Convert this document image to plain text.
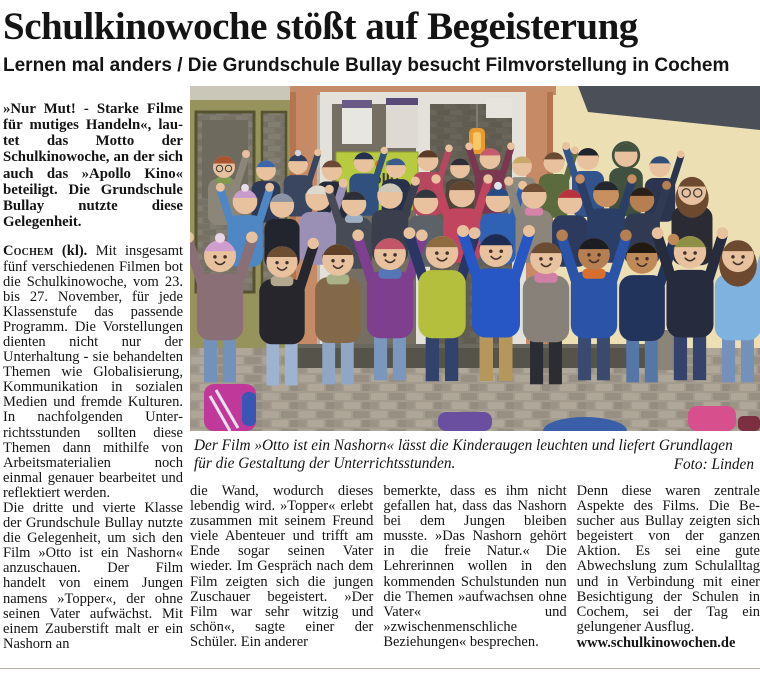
Schulkinowoche stößt auf Begeisterung
Lernen mal anders / Die Grundschule Bullay besucht Filmvorstellung in Cochem

»Nur Mut! - Starke Filme für mutiges Handeln«, lautet das Motto der Schulkinowoche, an der sich auch das »Apollo Kino« beteiligt. Die Grundschule Bullay nutzte diese Gelegenheit.

Cochem (kl). Mit insgesamt fünf verschiedenen Filmen bot die Schulkinowoche, vom 23. bis 27. November, für jede Klassenstufe das passende Programm. Die Vorstellungen dienten nicht nur der Unterhaltung - sie behandelten Themen wie Globalisierung, Kommunikation in sozialen Medien und fremde Kulturen. In nachfolgenden Unterrichtsstunden sollten diese Themen dann mithilfe von Arbeitsmaterialien noch einmal genauer bearbeitet und reflektiert werden.

Die dritte und vierte Klasse der Grundschule Bullay nutzte die Gelegenheit, um sich den Film »Otto ist ein Nashorn« anzuschauen. Der Film handelt von einem Jungen namens »Topper«, der ohne seinen Vater aufwächst. Mit einem Zauberstift malt er ein Nashorn an

Der Film »Otto ist ein Nashorn« lässt die Kinderaugen leuchten und liefert Grundlagen für die Gestaltung der Unterrichtsstunden.	Foto: Linden

die Wand, wodurch dieses lebendig wird. »Topper« erlebt zusammen mit seinem Freund viele Abenteuer und trifft am Ende sogar seinen Vater wieder. Im Gespräch nach dem Film zeigten sich die jungen Zuschauer begeistert. »Der Film war sehr witzig und schön«, sagte einer der Schüler. Ein anderer

bemerkte, dass es ihm nicht gefallen hat, dass das Nashorn bei dem Jungen bleiben musste. »Das Nashorn gehört in die freie Natur.« Die Lehrerinnen wollen in den kommenden Schulstunden nun die Themen »aufwachsen ohne Vater« und »zwischenmenschliche Beziehungen« besprechen.

Denn diese waren zentrale Aspekte des Films. Die Besucher aus Bullay zeigten sich begeistert von der ganzen Aktion. Es sei eine gute Abwechslung zum Schulalltag und in Verbindung mit einer Besichtigung der Schulen in Cochem, sei der Tag ein gelungener Ausflug.

www.schulkinowochen.de
